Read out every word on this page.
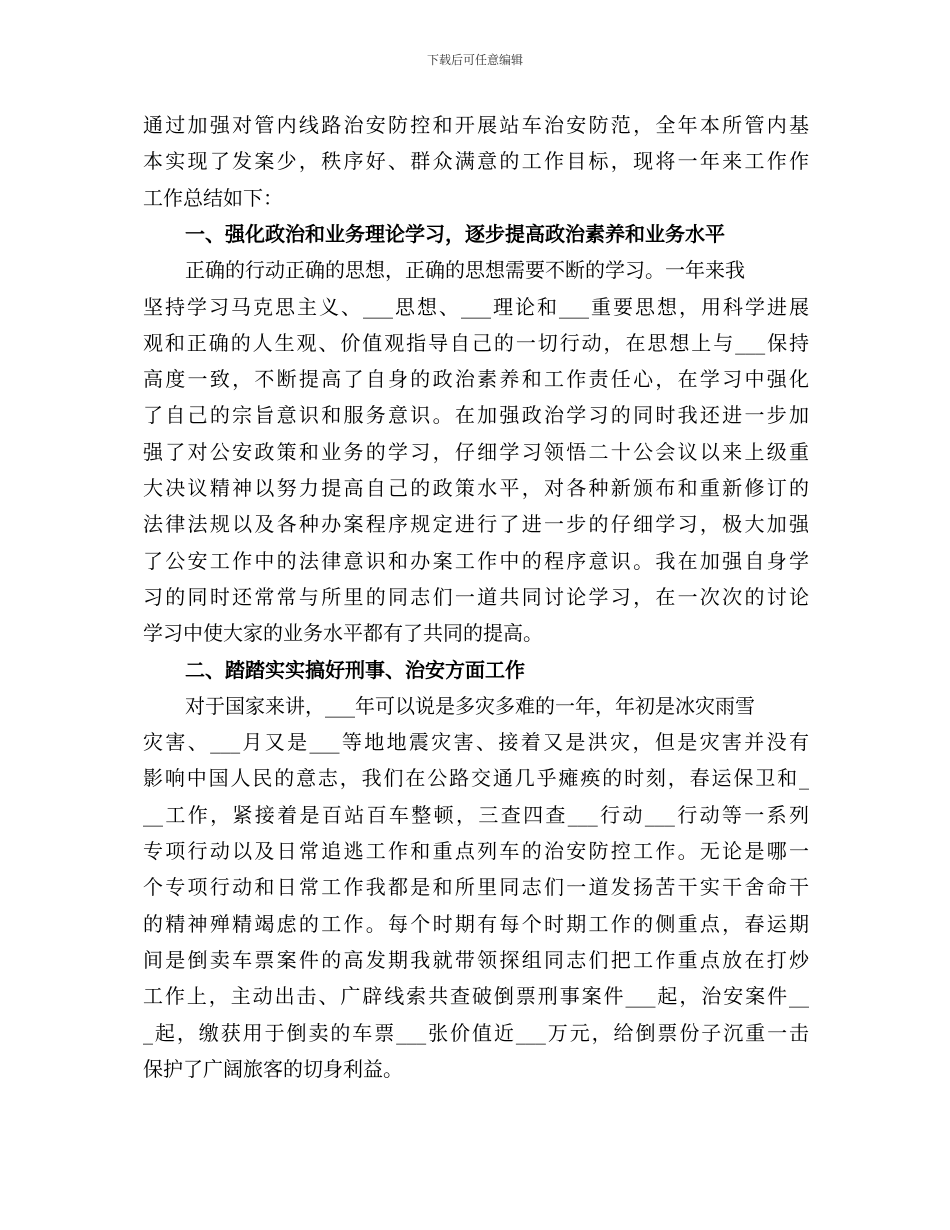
下载后可任意编辑
通过加强对管内线路治安防控和开展站车治安防范，全年本所管内基
本实现了发案少，秩序好、群众满意的工作目标，现将一年来工作作
工作总结如下：
一、强化政治和业务理论学习，逐步提高政治素养和业务水平
正确的行动正确的思想，正确的思想需要不断的学习。一年来我
坚持学习马克思主义、___思想、___理论和___重要思想，用科学进展
观和正确的人生观、价值观指导自己的一切行动，在思想上与___保持
高度一致，不断提高了自身的政治素养和工作责任心，在学习中强化
了自己的宗旨意识和服务意识。在加强政治学习的同时我还进一步加
强了对公安政策和业务的学习，仔细学习领悟二十公会议以来上级重
大决议精神以努力提高自己的政策水平，对各种新颁布和重新修订的
法律法规以及各种办案程序规定进行了进一步的仔细学习，极大加强
了公安工作中的法律意识和办案工作中的程序意识。我在加强自身学
习的同时还常常与所里的同志们一道共同讨论学习，在一次次的讨论
学习中使大家的业务水平都有了共同的提高。
二、踏踏实实搞好刑事、治安方面工作
对于国家来讲，___年可以说是多灾多难的一年，年初是冰灾雨雪
灾害、___月又是___等地地震灾害、接着又是洪灾，但是灾害并没有
影响中国人民的意志，我们在公路交通几乎瘫痪的时刻，春运保卫和_
__工作，紧接着是百站百车整顿，三查四查___行动___行动等一系列
专项行动以及日常追逃工作和重点列车的治安防控工作。无论是哪一
个专项行动和日常工作我都是和所里同志们一道发扬苦干实干舍命干
的精神殚精竭虑的工作。每个时期有每个时期工作的侧重点，春运期
间是倒卖车票案件的高发期我就带领探组同志们把工作重点放在打炒
工作上，主动出击、广辟线索共查破倒票刑事案件___起，治安案件__
_起，缴获用于倒卖的车票___张价值近___万元，给倒票份子沉重一击
保护了广阔旅客的切身利益。
